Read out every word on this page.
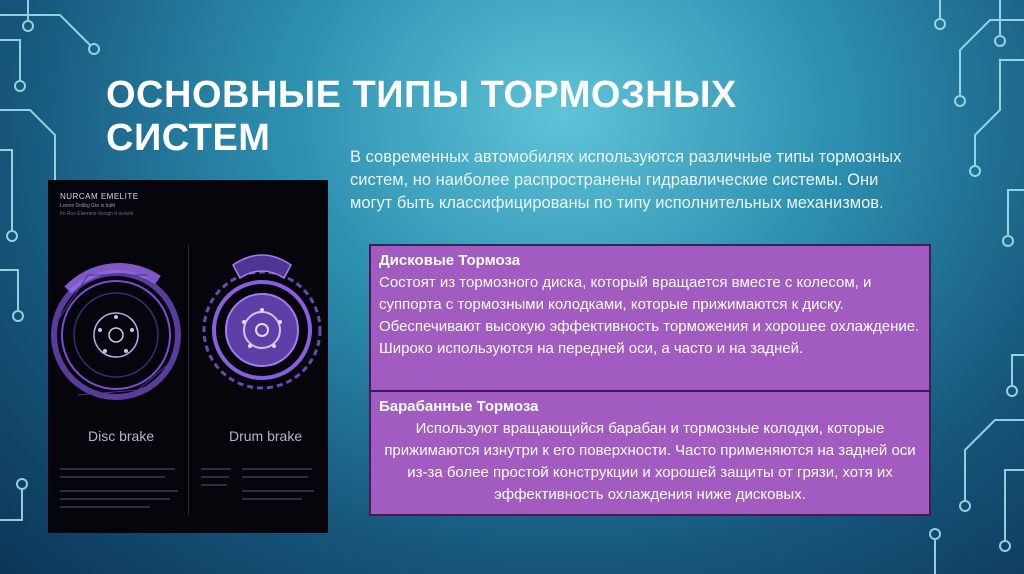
ОСНОВНЫЕ ТИПЫ ТОРМОЗНЫХ СИСТЕМ	В современных автомобилях используются различные типы тормозных систем, но наиболее распространены гидравлические системы. Они могут быть классифицированы по типу исполнительных механизмов.
NURCAM EMELITE
Lorem Dolibg Gtn is Indit
Ito Ros Elsentne ducign tt avnetit
Disc brake	Drum brake
Дисковые Тормоза
Состоят из тормозного диска, который вращается вместе с колесом, и суппорта с тормозными колодками, которые прижимаются к диску. Обеспечивают высокую эффективность торможения и хорошее охлаждение. Широко используются на передней оси, а часто и на задней.
Барабанные Тормоза
Используют вращающийся барабан и тормозные колодки, которые прижимаются изнутри к его поверхности. Часто применяются на задней оси из-за более простой конструкции и хорошей защиты от грязи, хотя их эффективность охлаждения ниже дисковых.
